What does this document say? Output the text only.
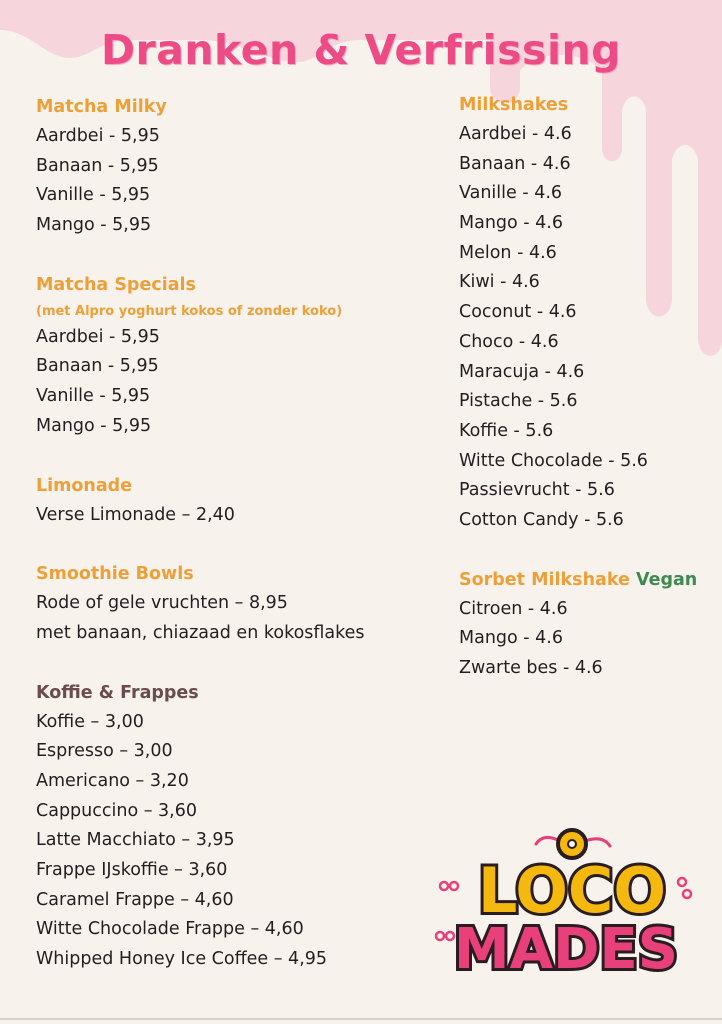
Dranken & Verfrissing
Matcha Milky
Aardbei - 5,95
Banaan - 5,95
Vanille - 5,95
Mango - 5,95
Matcha Specials
(met Alpro yoghurt kokos of zonder koko)
Aardbei - 5,95
Banaan - 5,95
Vanille - 5,95
Mango - 5,95
Limonade
Verse Limonade – 2,40
Smoothie Bowls
Rode of gele vruchten – 8,95
met banaan, chiazaad en kokosflakes
Koffie & Frappes
Koffie – 3,00
Espresso – 3,00
Americano – 3,20
Cappuccino – 3,60
Latte Macchiato – 3,95
Frappe IJskoffie – 3,60
Caramel Frappe – 4,60
Witte Chocolade Frappe – 4,60
Whipped Honey Ice Coffee – 4,95
Milkshakes
Aardbei - 4.6
Banaan - 4.6
Vanille - 4.6
Mango - 4.6
Melon - 4.6
Kiwi - 4.6
Coconut - 4.6
Choco - 4.6
Maracuja - 4.6
Pistache - 5.6
Koffie - 5.6
Witte Chocolade - 5.6
Passievrucht - 5.6
Cotton Candy - 5.6
Sorbet Milkshake Vegan
Citroen - 4.6
Mango - 4.6
Zwarte bes - 4.6
LOCO
MADES
